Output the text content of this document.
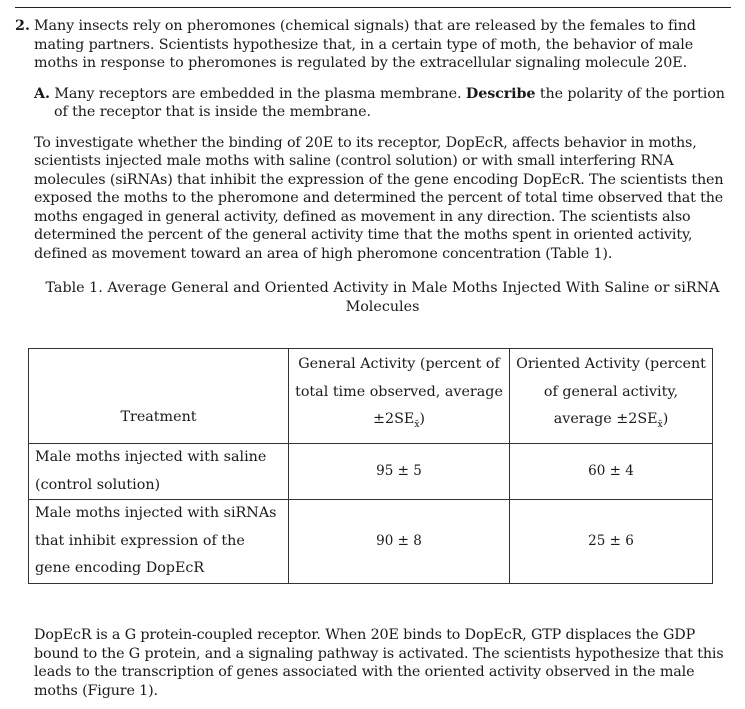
2. Many insects rely on pheromones (chemical signals) that are released by the females to find mating partners. Scientists hypothesize that, in a certain type of moth, the behavior of male moths in response to pheromones is regulated by the extracellular signaling molecule 20E.
A. Many receptors are embedded in the plasma membrane. Describe the polarity of the portion of the receptor that is inside the membrane.
To investigate whether the binding of 20E to its receptor, DopEcR, affects behavior in moths, scientists injected male moths with saline (control solution) or with small interfering RNA molecules (siRNAs) that inhibit the expression of the gene encoding DopEcR. The scientists then exposed the moths to the pheromone and determined the percent of total time observed that the moths engaged in general activity, defined as movement in any direction. The scientists also determined the percent of the general activity time that the moths spent in oriented activity, defined as movement toward an area of high pheromone concentration (Table 1).
Table 1. Average General and Oriented Activity in Male Moths Injected With Saline or siRNA
Molecules
Treatment	General Activity (percent of total time observed, average $\pm 2SE_{x̄}$)	Oriented Activity (percent of general activity, average $\pm 2SE_{x̄}$)
Male moths injected with saline (control solution)	95 ± 5	60 ± 4
Male moths injected with siRNAs that inhibit expression of the gene encoding DopEcR	90 ± 8	25 ± 6
DopEcR is a G protein-coupled receptor. When 20E binds to DopEcR, GTP displaces the GDP bound to the G protein, and a signaling pathway is activated. The scientists hypothesize that this leads to the transcription of genes associated with the oriented activity observed in the male moths (Figure 1).
